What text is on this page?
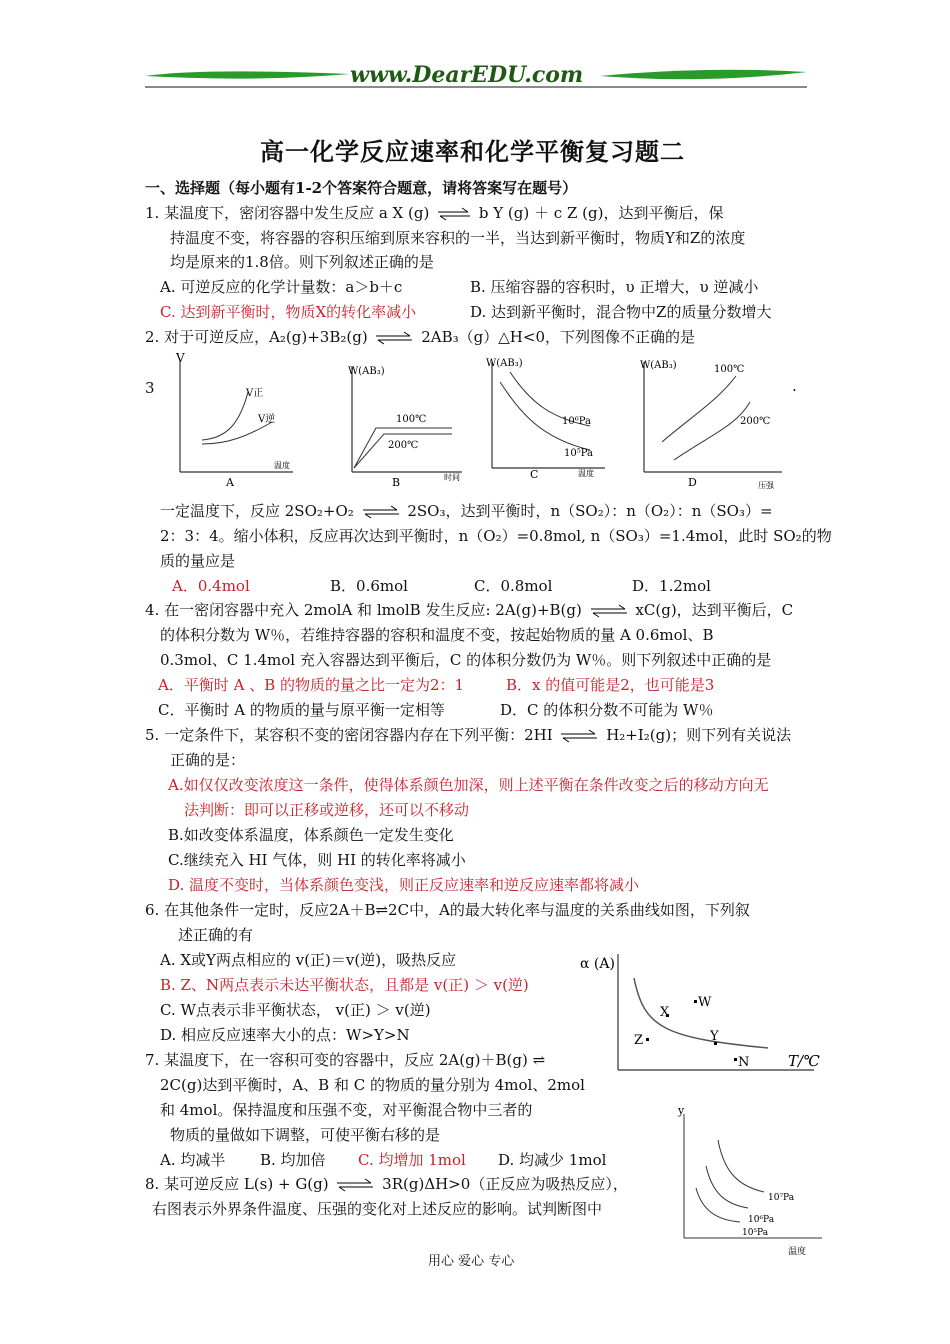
www.DearEDU.com
高一化学反应速率和化学平衡复习题二
一、选择题（每小题有1-2个答案符合题意，请将答案写在题号）
1. 某温度下，密闭容器中发生反应 a X (g) ⇌ b Y (g) ＋ c Z (g)，达到平衡后，保
持温度不变，将容器的容积压缩到原来容积的一半，当达到新平衡时，物质Y和Z的浓度
均是原来的1.8倍。则下列叙述正确的是
A. 可逆反应的化学计量数：a＞b＋c	B. 压缩容器的容积时，υ 正增大，υ 逆减小
C. 达到新平衡时，物质X的转化率减小	D. 达到新平衡时，混合物中Z的质量分数增大
2. 对于可逆反应，A₂(g)+3B₂(g) ⇌ 2AB₃（g）△H<0，下列图像不正确的是
3	.
V
温度
A
V正
V逆
W(AB₃)
时间
B
100℃
200℃
W(AB₃)
温度
C
10⁶Pa
10⁵Pa
W(AB₃)
压强
D
100℃
200℃
一定温度下，反应 2SO₂+O₂ ⇌ 2SO₃，达到平衡时，n（SO₂）：n（O₂）：n（SO₃）=
2：3：4。缩小体积，反应再次达到平衡时，n（O₂）=0.8mol, n（SO₃）=1.4mol，此时 SO₂的物
质的量应是
A．0.4mol	B．0.6mol	C．0.8mol	D．1.2mol
4. 在一密闭容器中充入 2molA 和 lmolB 发生反应: 2A(g)+B(g) ⇌ xC(g)，达到平衡后，C
的体积分数为 W％，若维持容器的容积和温度不变，按起始物质的量 A 0.6mol、B
0.3mol、C 1.4mol 充入容器达到平衡后，C 的体积分数仍为 W％。则下列叙述中正确的是
A．平衡时 A 、B 的物质的量之比一定为2：1	B．x 的值可能是2，也可能是3
C．平衡时 A 的物质的量与原平衡一定相等	D．C 的体积分数不可能为 W％
5. 一定条件下，某容积不变的密闭容器内存在下列平衡：2HI ⇌ H₂+I₂(g)；则下列有关说法
正确的是：
A.如仅仅改变浓度这一条件，使得体系颜色加深，则上述平衡在条件改变之后的移动方向无
法判断：即可以正移或逆移，还可以不移动
B.如改变体系温度，体系颜色一定发生变化
C.继续充入 HI 气体，则 HI 的转化率将减小
D. 温度不变时，当体系颜色变浅，则正反应速率和逆反应速率都将减小
6. 在其他条件一定时，反应2A＋B⇌2C中，A的最大转化率与温度的关系曲线如图，下列叙
述正确的有
A. X或Y两点相应的 v(正)＝v(逆)，吸热反应
B. Z、N两点表示未达平衡状态，且都是 v(正) ＞ v(逆)
C. W点表示非平衡状态， v(正) ＞ v(逆)
D. 相应反应速率大小的点：W>Y>N
α (A)
T/℃
X
W
Z	Y
N
7. 某温度下，在一容积可变的容器中，反应 2A(g)＋B(g) ⇌
2C(g)达到平衡时，A、B 和 C 的物质的量分别为 4mol、2mol
和 4mol。保持温度和压强不变，对平衡混合物中三者的
物质的量做如下调整，可使平衡右移的是
A. 均减半 B. 均加倍 C. 均增加 1mol D. 均减少 1mol
8. 某可逆反应 L(s) + G(g) ⇌ 3R(g)ΔH>0（正反应为吸热反应），
右图表示外界条件温度、压强的变化对上述反应的影响。试判断图中
y
温度
10⁷Pa
10⁶Pa
10⁵Pa
用心 爱心 专心
